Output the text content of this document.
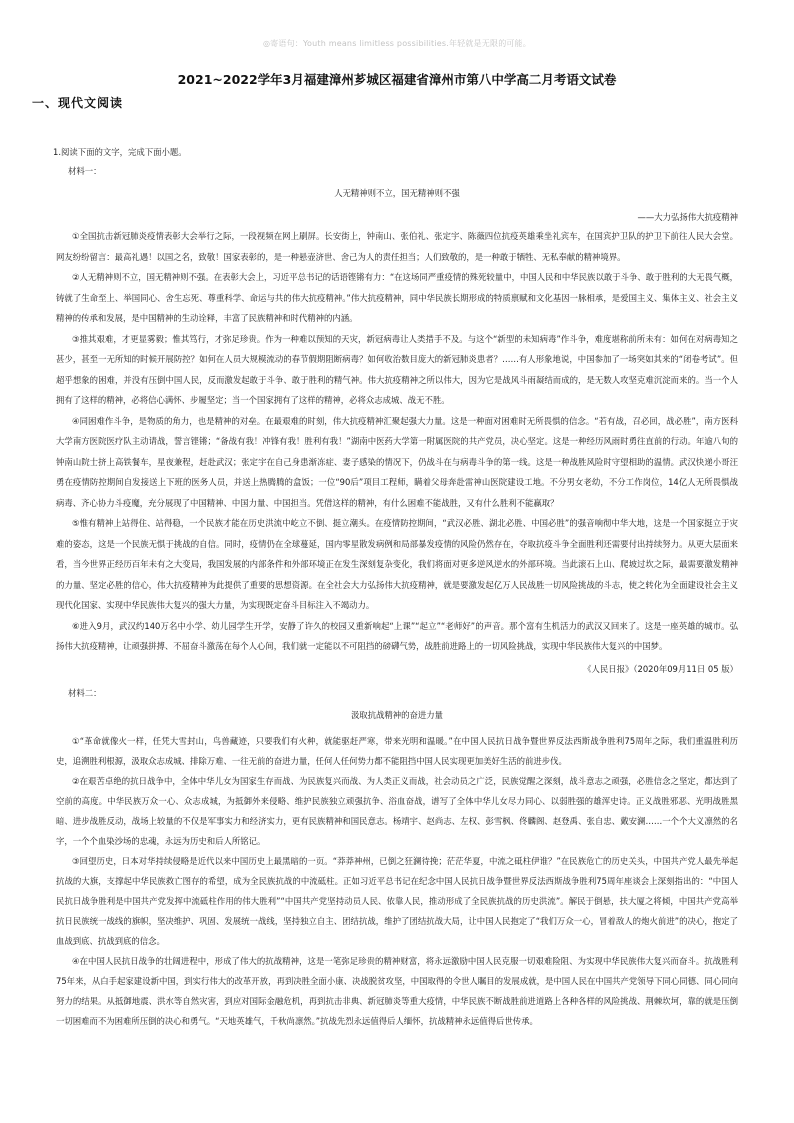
◎寄语句：Youth means limitless possibilities.年轻就是无限的可能。
2021~2022学年3月福建漳州芗城区福建省漳州市第八中学高二月考语文试卷
一、现代文阅读
1.阅读下面的文字，完成下面小题。
材料一：
人无精神则不立，国无精神则不强
——大力弘扬伟大抗疫精神

①全国抗击新冠肺炎疫情表彰大会举行之际，一段视频在网上刷屏。长安街上，钟南山、张伯礼、张定宇、陈薇四位抗疫英雄乘坐礼宾车，在国宾护卫队的护卫下前往人民大会堂。网友纷纷留言：最高礼遇！以国之名，致敬！国家表彰的，是一种悬壶济世、舍己为人的责任担当；人们致敬的，是一种敢于牺牲、无私奉献的精神境界。

②人无精神则不立，国无精神则不强。在表彰大会上，习近平总书记的话语铿锵有力：“在这场同严重疫情的殊死较量中，中国人民和中华民族以敢于斗争、敢于胜利的大无畏气概，铸就了生命至上、举国同心、舍生忘死、尊重科学、命运与共的伟大抗疫精神。”伟大抗疫精神，同中华民族长期形成的特质禀赋和文化基因一脉相承，是爱国主义、集体主义、社会主义精神的传承和发展，是中国精神的生动诠释，丰富了民族精神和时代精神的内涵。

③推其艰难，才更显雾毅；惟其笃行，才弥足珍贵。作为一种难以预知的天灾，新冠病毒让人类措手不及。与这个“新型的未知病毒”作斗争，难度堪称前所未有：如何在对病毒知之甚少，甚至一无所知的时候开展防控？如何在人员大规模流动的春节假期阻断病毒？如何收治数目庞大的新冠肺炎患者？……有人形象地说，中国参加了一场突如其来的“闭卷考试”。但超乎想象的困难，并没有压倒中国人民，反而激发起敢于斗争、敢于胜利的精气神。伟大抗疫精神之所以伟大，因为它是战风斗雨凝结而成的，是无数人攻坚克难沉淀而来的。当一个人拥有了这样的精神，必将信心满怀、步履坚定；当一个国家拥有了这样的精神，必将众志成城、战无不胜。

④同困难作斗争，是物质的角力，也是精神的对垒。在最艰难的时刻，伟大抗疫精神汇聚起强大力量。这是一种面对困难时无所畏惧的信念。“若有战，召必回，战必胜”，南方医科大学南方医院医疗队主动请战，誓言铿锵；“备战有我！冲锋有我！胜利有我！”湖南中医药大学第一附属医院的共产党员，决心坚定。这是一种经历风雨时勇往直前的行动。年逾八旬的钟南山院士挤上高铁餐车，星夜兼程，赶赴武汉；张定宇在自己身患渐冻症、妻子感染的情况下，仍战斗在与病毒斗争的第一线。这是一种战胜风险时守望相助的温情。武汉快递小哥汪勇在疫情防控期间自发接送上下班的医务人员，并送上热腾腾的盒饭；一位“90后”项目工程师，瞒着父母奔赴雷神山医院建设工地。不分男女老幼，不分工作岗位，14亿人无所畏惧战病毒、齐心协力斗疫魔，充分展现了中国精神、中国力量、中国担当。凭借这样的精神，有什么困难不能战胜，又有什么胜利不能赢取？

⑤惟有精神上站得住、站得稳，一个民族才能在历史洪流中屹立不倒、挺立潮头。在疫情防控期间，“武汉必胜、湖北必胜、中国必胜”的强音响彻中华大地，这是一个国家挺立于灾难的姿态，这是一个民族无惧于挑战的自信。同时，疫情仍在全球蔓延，国内零星散发病例和局部暴发疫情的风险仍然存在，夺取抗疫斗争全面胜利还需要付出持续努力。从更大层面来看，当今世界正经历百年未有之大变局，我国发展的内部条件和外部环境正在发生深刻复杂变化，我们将面对更多逆风逆水的外部环境。当此滚石上山、爬坡过坎之际，最需要激发精神的力量、坚定必胜的信心，伟大抗疫精神为此提供了重要的思想资源。在全社会大力弘扬伟大抗疫精神，就是要激发起亿万人民战胜一切风险挑战的斗志，使之转化为全面建设社会主义现代化国家、实现中华民族伟大复兴的强大力量，为实现既定奋斗目标注入不竭动力。

⑥进入9月，武汉约140万名中小学、幼儿园学生开学，安静了许久的校园又重新响起“上课”“起立”“老师好”的声音。那个富有生机活力的武汉又回来了。这是一座英雄的城市。弘扬伟大抗疫精神，让顽强拼搏、不屈奋斗激荡在每个人心间，我们就一定能以不可阻挡的磅礴气势，战胜前进路上的一切风险挑战，实现中华民族伟大复兴的中国梦。

《人民日报》（2020年09月11日 05 版）
材料二：
汲取抗战精神的奋进力量

①“革命就像火一样，任凭大雪封山，鸟兽藏迹，只要我们有火种，就能驱赶严寒，带来光明和温暖。”在中国人民抗日战争暨世界反法西斯战争胜利75周年之际，我们重温胜利历史，追溯胜利根源，汲取众志成城、排除万难、一往无前的奋进力量，任何人任何势力都不能阻挡中国人民实现更加美好生活的前进步伐。

②在艰苦卓绝的抗日战争中，全体中华儿女为国家生存而战、为民族复兴而战、为人类正义而战，社会动员之广泛，民族觉醒之深刻，战斗意志之顽强，必胜信念之坚定，都达到了空前的高度。中华民族万众一心、众志成城，为抵御外来侵略、维护民族独立顽强抗争、浴血奋战，谱写了全体中华儿女尽力同心、以弱胜强的雄浑史诗。正义战胜邪恶、光明战胜黑暗、进步战胜反动，战场上较量的不仅是军事实力和经济实力，更有民族精神和国民意志。杨靖宇、赵尚志、左权、彭雪枫、佟麟阁、赵登禹、张自忠、戴安澜……一个个大义凛然的名字，一个个血染沙场的忠魂，永远为历史和后人所铭记。

③回望历史，日本对华持续侵略是近代以来中国历史上最黑暗的一页。“莽莽神州，已倒之狂澜待挽；茫茫华夏，中流之砥柱伊谁？”在民族危亡的历史关头，中国共产党人最先举起抗战的大旗，支撑起中华民族救亡图存的希望，成为全民族抗战的中流砥柱。正如习近平总书记在纪念中国人民抗日战争暨世界反法西斯战争胜利75周年座谈会上深刻指出的：“中国人民抗日战争胜利是中国共产党发挥中流砥柱作用的伟大胜利”“中国共产党坚持动员人民、依靠人民，推动形成了全民族抗战的历史洪流”。解民于倒悬，扶大厦之将倾，中国共产党高举抗日民族统一战线的旗帜，坚决维护、巩固、发展统一战线，坚持独立自主、团结抗战，维护了团结抗战大局，让中国人民抱定了“我们万众一心，冒着敌人的炮火前进”的决心，抱定了血战到底、抗战到底的信念。

④在中国人民抗日战争的壮阔进程中，形成了伟大的抗战精神，这是一笔弥足珍贵的精神财富，将永远激励中国人民克服一切艰难险阻、为实现中华民族伟大复兴而奋斗。抗战胜利75年来，从白手起家建设新中国，到实行伟大的改革开放，再到决胜全面小康、决战脱贫攻坚，中国取得的令世人瞩目的发展成就，是中国人民在中国共产党领导下同心同德、同心同向努力的结果。从抵御地震、洪水等自然灾害，到应对国际金融危机，再到抗击非典、新冠肺炎等重大疫情，中华民族不断战胜前进道路上各种各样的风险挑战、荆棘坎坷，靠的就是压倒一切困难而不为困难所压倒的决心和勇气。“天地英雄气，千秋尚凛然。”抗战先烈永远值得后人缅怀，抗战精神永远值得后世传承。
